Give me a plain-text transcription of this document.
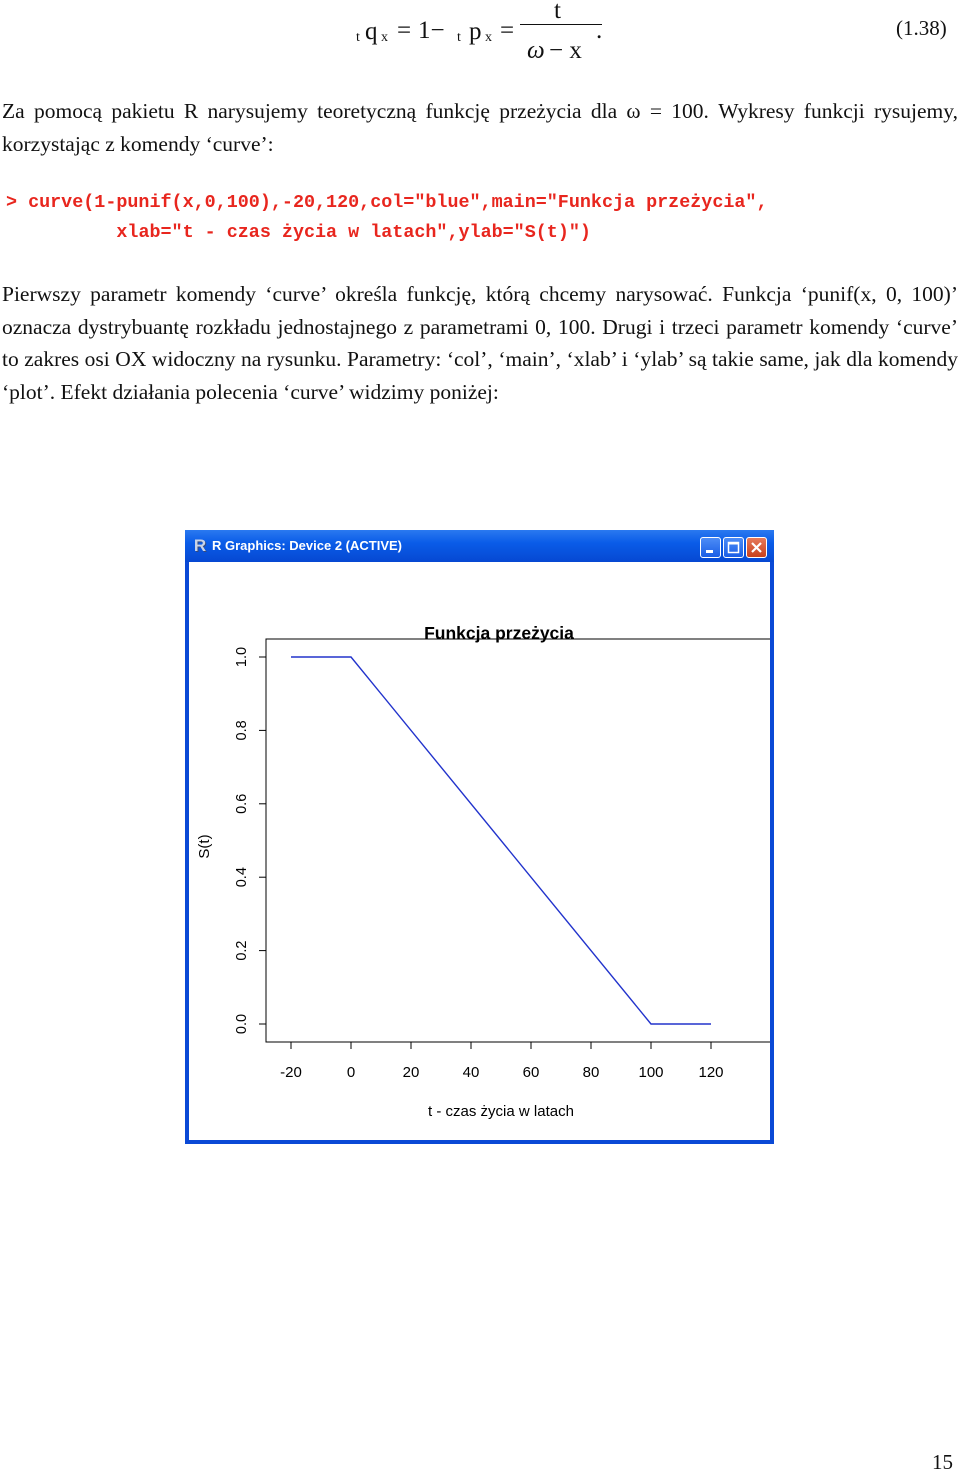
t q x = 1− t p x =
t
ω − x
.	(1.38)

Za pomocą pakietu R narysujemy teoretyczną funkcję przeżycia dla ω = 100. Wykresy funkcji rysujemy, korzystając z komendy ‘curve’:

> curve(1-punif(x,0,100),-20,120,col="blue",main="Funkcja przeżycia",
xlab="t - czas życia w latach",ylab="S(t)")

Pierwszy parametr komendy ‘curve’ określa funkcję, którą chcemy narysować. Funkcja ‘punif(x, 0, 100)’ oznacza dystrybuantę rozkładu jednostajnego z parametrami 0, 100. Drugi i trzeci parametr komendy ‘curve’ to zakres osi OX widoczny na rysunku. Parametry: ‘col’, ‘main’, ‘xlab’ i ‘ylab’ są takie same, jak dla komendy ‘plot’. Efekt działania polecenia ‘curve’ widzimy poniżej:

R R Graphics: Device 2 (ACTIVE)
Funkcja przeżycia
0.0
0.2
0.4
0.6
0.8
1.0
-20	0	20	40	60	80	100 120
t - czas życia w latach
S(t)
15
